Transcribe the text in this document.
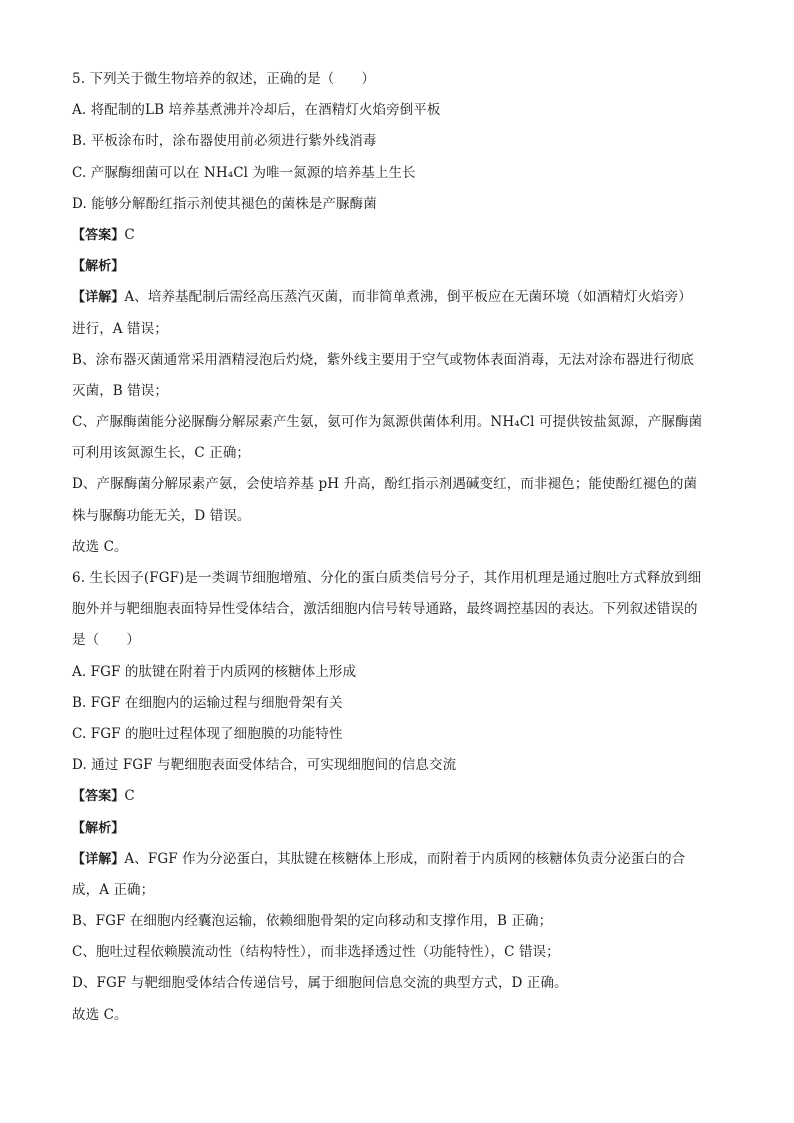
5. 下列关于微生物培养的叙述，正确的是（　　）
A. 将配制的LB 培养基煮沸并冷却后，在酒精灯火焰旁倒平板
B. 平板涂布时，涂布器使用前必须进行紫外线消毒
C. 产脲酶细菌可以在 NH₄Cl 为唯一氮源的培养基上生长
D. 能够分解酚红指示剂使其褪色的菌株是产脲酶菌
【答案】C
【解析】
【详解】A、培养基配制后需经高压蒸汽灭菌，而非简单煮沸，倒平板应在无菌环境（如酒精灯火焰旁）
进行，A 错误；
B、涂布器灭菌通常采用酒精浸泡后灼烧，紫外线主要用于空气或物体表面消毒，无法对涂布器进行彻底
灭菌，B 错误；
C、产脲酶菌能分泌脲酶分解尿素产生氨，氨可作为氮源供菌体利用。NH₄Cl 可提供铵盐氮源，产脲酶菌
可利用该氮源生长，C 正确；
D、产脲酶菌分解尿素产氨，会使培养基 pH 升高，酚红指示剂遇碱变红，而非褪色；能使酚红褪色的菌
株与脲酶功能无关，D 错误。
故选 C。
6. 生长因子(FGF)是一类调节细胞增殖、分化的蛋白质类信号分子，其作用机理是通过胞吐方式释放到细
胞外并与靶细胞表面特异性受体结合，激活细胞内信号转导通路，最终调控基因的表达。下列叙述错误的
是（　　）
A. FGF 的肽键在附着于内质网的核糖体上形成
B. FGF 在细胞内的运输过程与细胞骨架有关
C. FGF 的胞吐过程体现了细胞膜的功能特性
D. 通过 FGF 与靶细胞表面受体结合，可实现细胞间的信息交流
【答案】C
【解析】
【详解】A、FGF 作为分泌蛋白，其肽键在核糖体上形成，而附着于内质网的核糖体负责分泌蛋白的合
成，A 正确；
B、FGF 在细胞内经囊泡运输，依赖细胞骨架的定向移动和支撑作用，B 正确；
C、胞吐过程依赖膜流动性（结构特性），而非选择透过性（功能特性），C 错误；
D、FGF 与靶细胞受体结合传递信号，属于细胞间信息交流的典型方式，D 正确。
故选 C。
